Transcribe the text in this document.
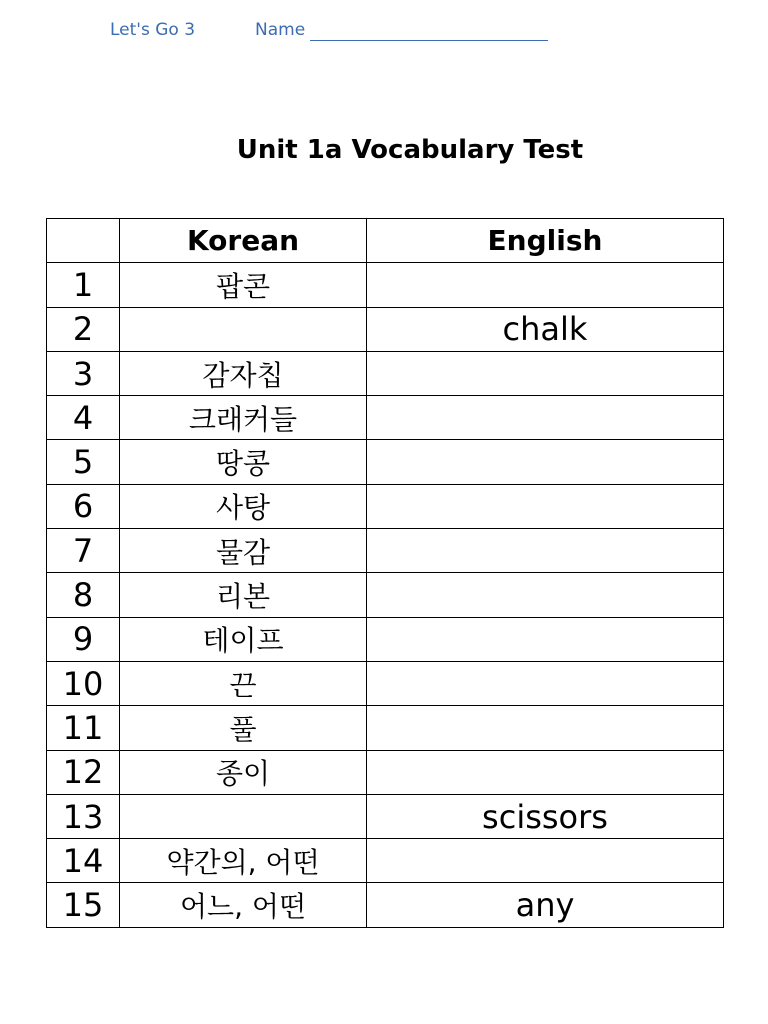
Let's Go 3	Name
Unit 1a Vocabulary Test
	Korean	English
1	팝콘	
2		chalk
3	감자칩	
4	크래커들	
5	땅콩	
6	사탕	
7	물감	
8	리본	
9	테이프	
10	끈	
11	풀	
12	종이	
13		scissors
14	약간의, 어떤	
15	어느, 어떤	any
